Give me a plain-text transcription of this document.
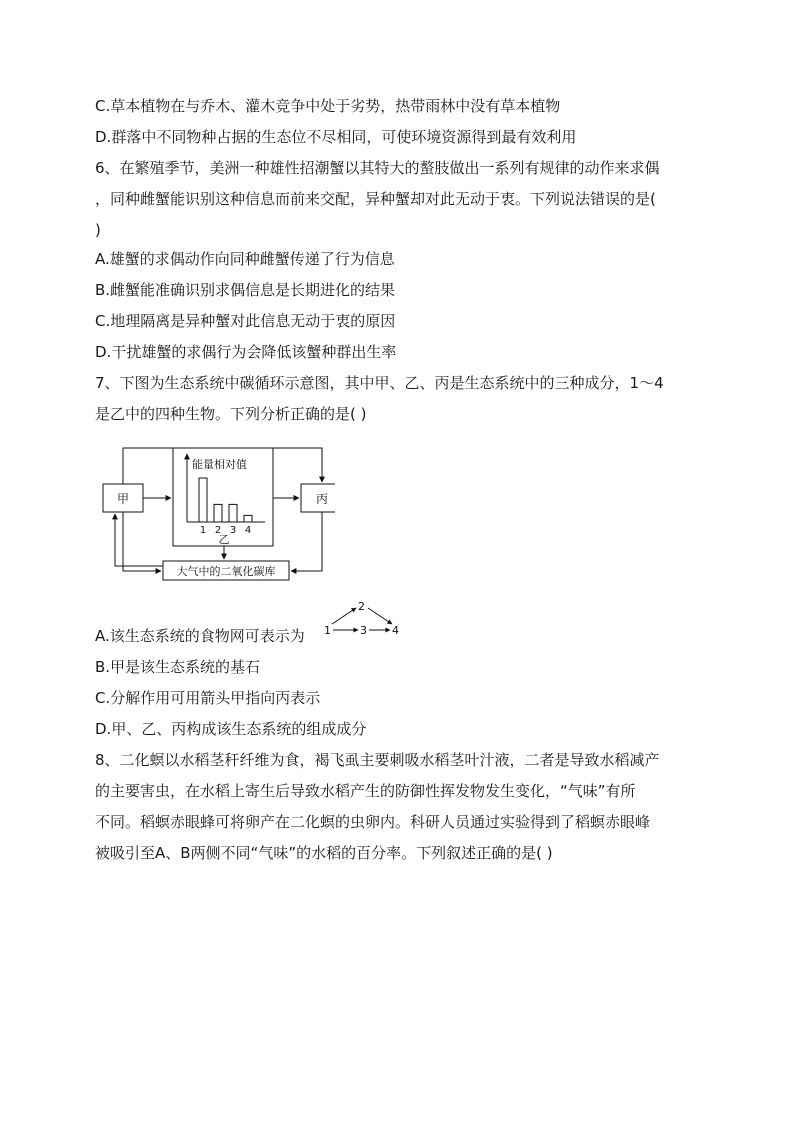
C.草本植物在与乔木、灌木竞争中处于劣势，热带雨林中没有草本植物
D.群落中不同物种占据的生态位不尽相同，可使环境资源得到最有效利用
6、在繁殖季节，美洲一种雄性招潮蟹以其特大的螯肢做出一系列有规律的动作来求偶
，同种雌蟹能识别这种信息而前来交配，异种蟹却对此无动于衷。下列说法错误的是(
)
A.雄蟹的求偶动作向同种雌蟹传递了行为信息
B.雌蟹能准确识别求偶信息是长期进化的结果
C.地理隔离是异种蟹对此信息无动于衷的原因
D.干扰雄蟹的求偶行为会降低该蟹种群出生率
7、下图为生态系统中碳循环示意图，其中甲、乙、丙是生态系统中的三种成分，1～4
是乙中的四种生物。下列分析正确的是( )
甲	丙
能量相对值
1 2 3 4
乙
大气中的二氧化碳库
A.该生态系统的食物网可表示为 1
2
3 4
B.甲是该生态系统的基石
C.分解作用可用箭头甲指向丙表示
D.甲、乙、丙构成该生态系统的组成成分
8、二化螟以水稻茎秆纤维为食，褐飞虱主要刺吸水稻茎叶汁液，二者是导致水稻减产
的主要害虫，在水稻上寄生后导致水稻产生的防御性挥发物发生变化，“气味”有所
不同。稻螟赤眼蜂可将卵产在二化螟的虫卵内。科研人员通过实验得到了稻螟赤眼峰
被吸引至A、B两侧不同“气味”的水稻的百分率。下列叙述正确的是( )
